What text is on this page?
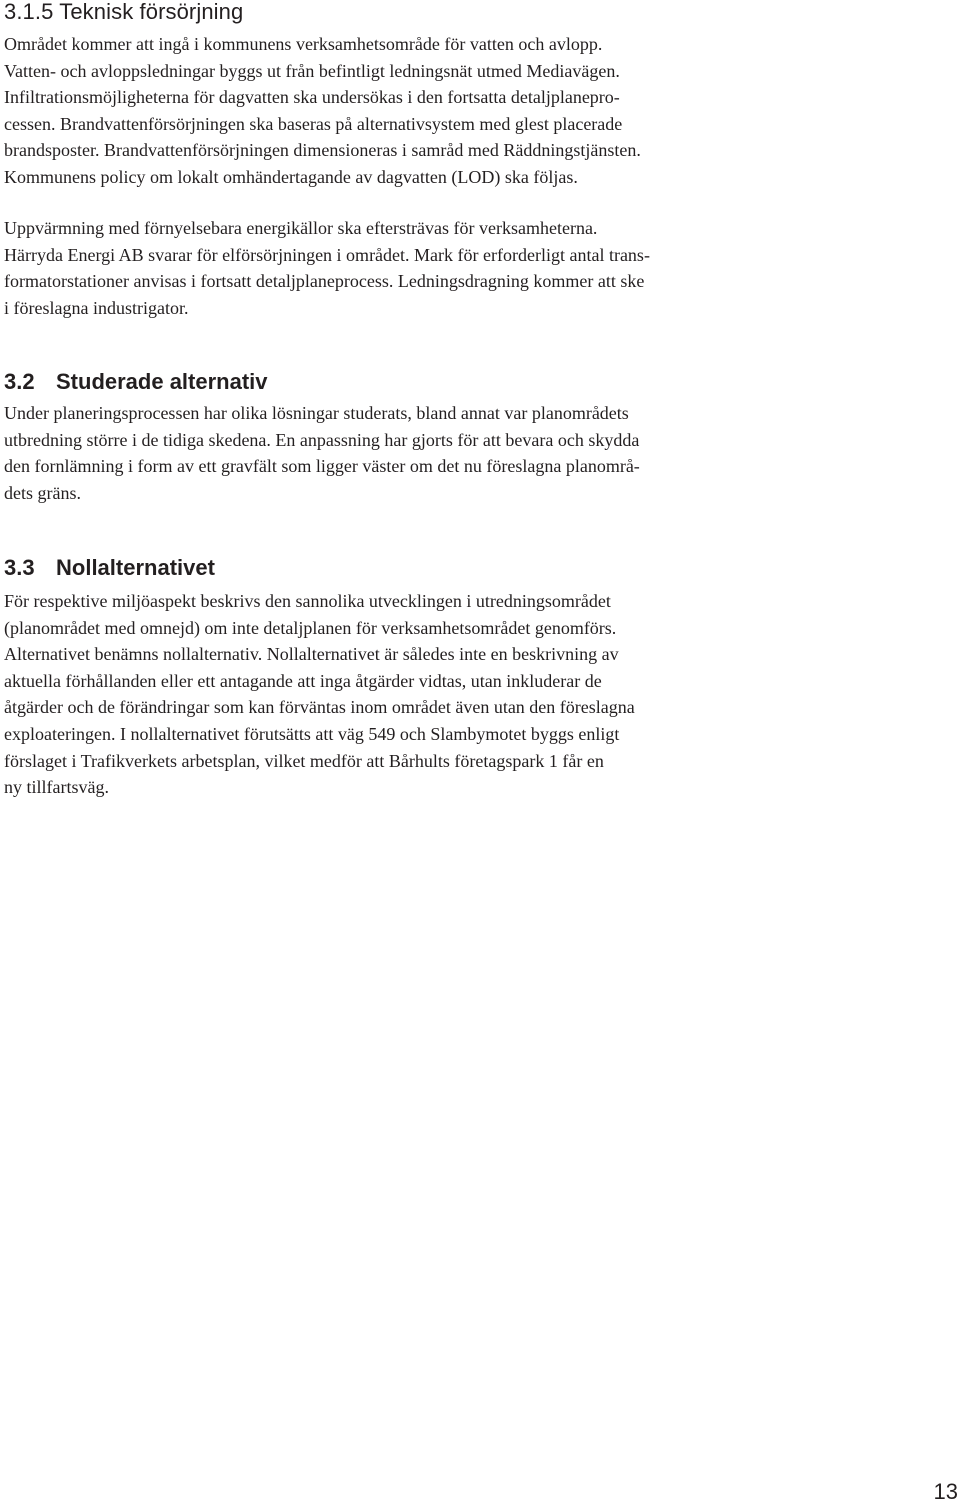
3.1.5 Teknisk försörjning

Området kommer att ingå i kommunens verksamhetsområde för vatten och avlopp.
Vatten- och avloppsledningar byggs ut från befintligt ledningsnät utmed Mediavägen.
Infiltrationsmöjligheterna för dagvatten ska undersökas i den fortsatta detaljplanepro-
cessen. Brandvattenförsörjningen ska baseras på alternativsystem med glest placerade
brandsposter. Brandvattenförsörjningen dimensioneras i samråd med Räddningstjänsten.
Kommunens policy om lokalt omhändertagande av dagvatten (LOD) ska följas.

Uppvärmning med förnyelsebara energikällor ska eftersträvas för verksamheterna.
Härryda Energi AB svarar för elförsörjningen i området. Mark för erforderligt antal trans-
formatorstationer anvisas i fortsatt detaljplaneprocess. Ledningsdragning kommer att ske
i föreslagna industrigator.

3.2 Studerade alternativ

Under planeringsprocessen har olika lösningar studerats, bland annat var planområdets
utbredning större i de tidiga skedena. En anpassning har gjorts för att bevara och skydda
den fornlämning i form av ett gravfält som ligger väster om det nu föreslagna planområ-
dets gräns.

3.3 Nollalternativet

För respektive miljöaspekt beskrivs den sannolika utvecklingen i utredningsområdet
(planområdet med omnejd) om inte detaljplanen för verksamhetsområdet genomförs.
Alternativet benämns nollalternativ. Nollalternativet är således inte en beskrivning av
aktuella förhållanden eller ett antagande att inga åtgärder vidtas, utan inkluderar de
åtgärder och de förändringar som kan förväntas inom området även utan den föreslagna
exploateringen. I nollalternativet förutsätts att väg 549 och Slambymotet byggs enligt
förslaget i Trafikverkets arbetsplan, vilket medför att Bårhults företagspark 1 får en
ny tillfartsväg.

13
